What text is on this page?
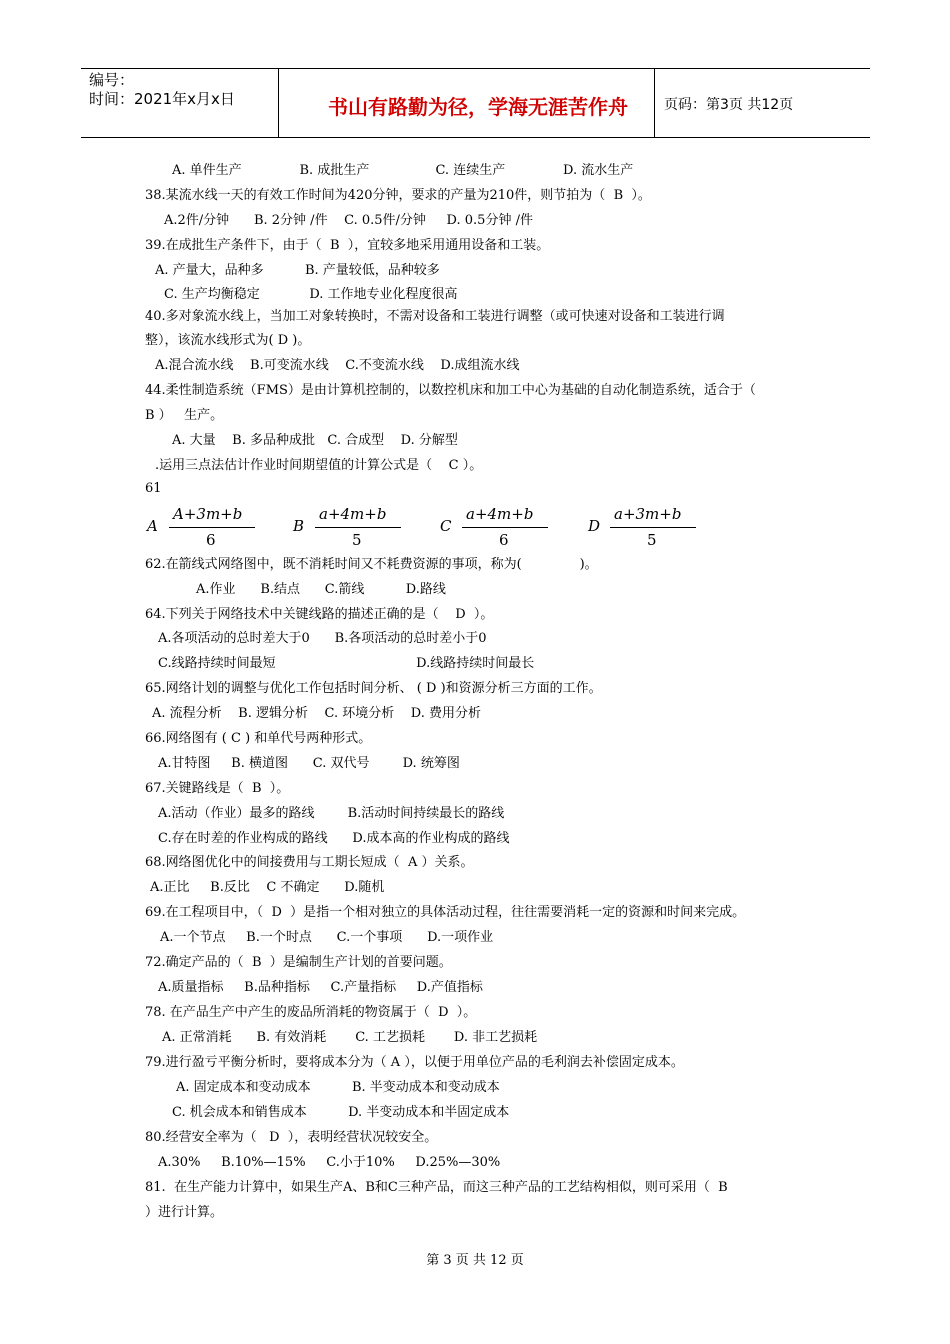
编号：
时间：2021年x月x日	书山有路勤为径，学海无涯苦作舟	页码：第3页 共12页
A. 单件生产              B. 成批生产                C. 连续生产              D. 流水生产
38.某流水线一天的有效工作时间为420分钟，要求的产量为210件，则节拍为（  B  ）。
A.2件/分钟      B. 2分钟 /件    C. 0.5件/分钟     D. 0.5分钟 /件
39.在成批生产条件下，由于（  B  ），宜较多地采用通用设备和工装。
A. 产量大，品种多          B. 产量较低，品种较多
C. 生产均衡稳定            D. 工作地专业化程度很高
40.多对象流水线上，当加工对象转换时，不需对设备和工装进行调整（或可快速对设备和工装进行调
整），该流水线形式为( D )。
A.混合流水线    B.可变流水线    C.不变流水线    D.成组流水线
44.柔性制造系统（FMS）是由计算机控制的，以数控机床和加工中心为基础的自动化制造系统，适合于（
B ）   生产。
A. 大量    B. 多品种成批   C. 合成型    D. 分解型
.运用三点法估计作业时间期望值的计算公式是（    C ）。
61
A
A+3m+b
6
B
a+4m+b
5
C
a+4m+b
6
D
a+3m+b
5
62.在箭线式网络图中，既不消耗时间又不耗费资源的事项，称为(              )。
A.作业      B.结点      C.箭线          D.路线
64.下列关于网络技术中关键线路的描述正确的是（    D  ）。
A.各项活动的总时差大于0      B.各项活动的总时差小于0
C.线路持续时间最短                                  D.线路持续时间最长
65.网络计划的调整与优化工作包括时间分析、 ( D )和资源分析三方面的工作。
A. 流程分析    B. 逻辑分析    C. 环境分析    D. 费用分析
66.网络图有 ( C ) 和单代号两种形式。
A.甘特图     B. 横道图      C. 双代号        D. 统筹图
67.关键路线是（  B  ）。
A.活动（作业）最多的路线        B.活动时间持续最长的路线
C.存在时差的作业构成的路线      D.成本高的作业构成的路线
68.网络图优化中的间接费用与工期长短成（  A ）关系。
A.正比     B.反比    C 不确定      D.随机
69.在工程项目中，（  D  ）是指一个相对独立的具体活动过程，往往需要消耗一定的资源和时间来完成。
A.一个节点     B.一个时点      C.一个事项      D.一项作业
72.确定产品的（  B  ）是编制生产计划的首要问题。
A.质量指标     B.品种指标     C.产量指标     D.产值指标
78. 在产品生产中产生的废品所消耗的物资属于（  D  ）。
A. 正常消耗      B. 有效消耗       C. 工艺损耗       D. 非工艺损耗
79.进行盈亏平衡分析时，要将成本分为（ A ），以便于用单位产品的毛利润去补偿固定成本。
A. 固定成本和变动成本          B. 半变动成本和变动成本
C. 机会成本和销售成本          D. 半变动成本和半固定成本
80.经营安全率为（   D  ），表明经营状况较安全。
A.30%     B.10%—15%     C.小于10%     D.25%—30%
81.  在生产能力计算中，如果生产A、B和C三种产品，而这三种产品的工艺结构相似，则可采用（  B
）进行计算。
第 3 页 共 12 页
